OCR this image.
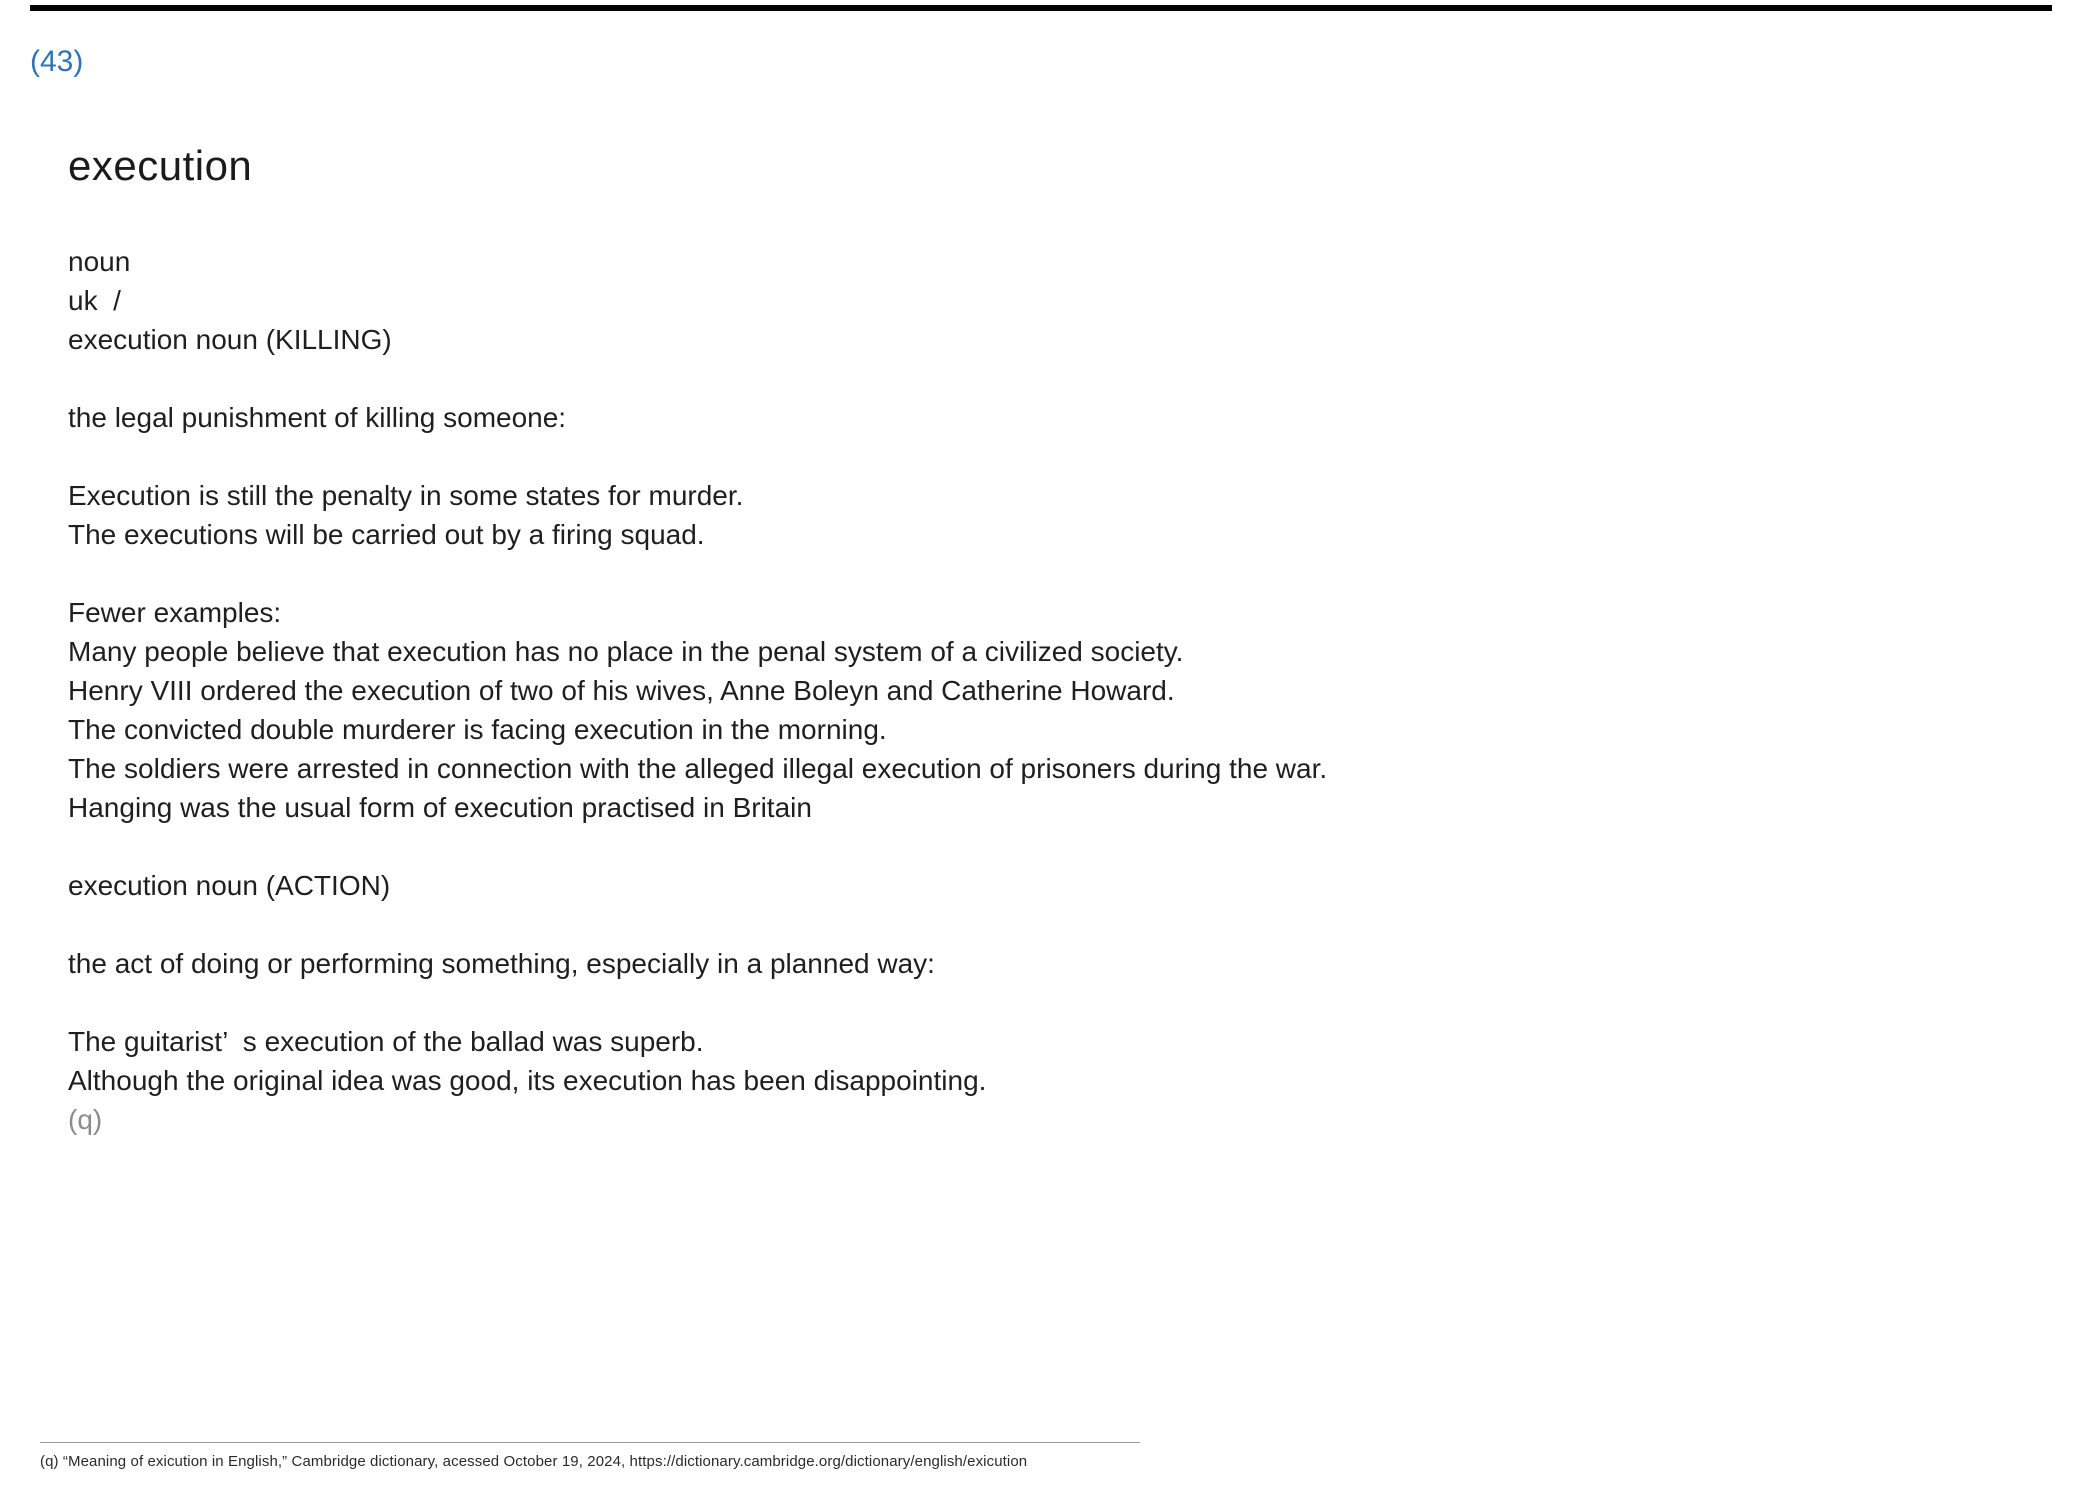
(43)
execution
noun
uk  /
execution noun (KILLING)
the legal punishment of killing someone:
Execution is still the penalty in some states for murder.
The executions will be carried out by a firing squad.
Fewer examples:
Many people believe that execution has no place in the penal system of a civilized society.
Henry VIII ordered the execution of two of his wives, Anne Boleyn and Catherine Howard.
The convicted double murderer is facing execution in the morning.
The soldiers were arrested in connection with the alleged illegal execution of prisoners during the war.
Hanging was the usual form of execution practised in Britain
execution noun (ACTION)
the act of doing or performing something, especially in a planned way:
The guitarist’  s execution of the ballad was superb.
Although the original idea was good, its execution has been disappointing.
(q)
(q) “Meaning of exicution in English,” Cambridge dictionary, acessed October 19, 2024, https://dictionary.cambridge.org/dictionary/english/exicution
